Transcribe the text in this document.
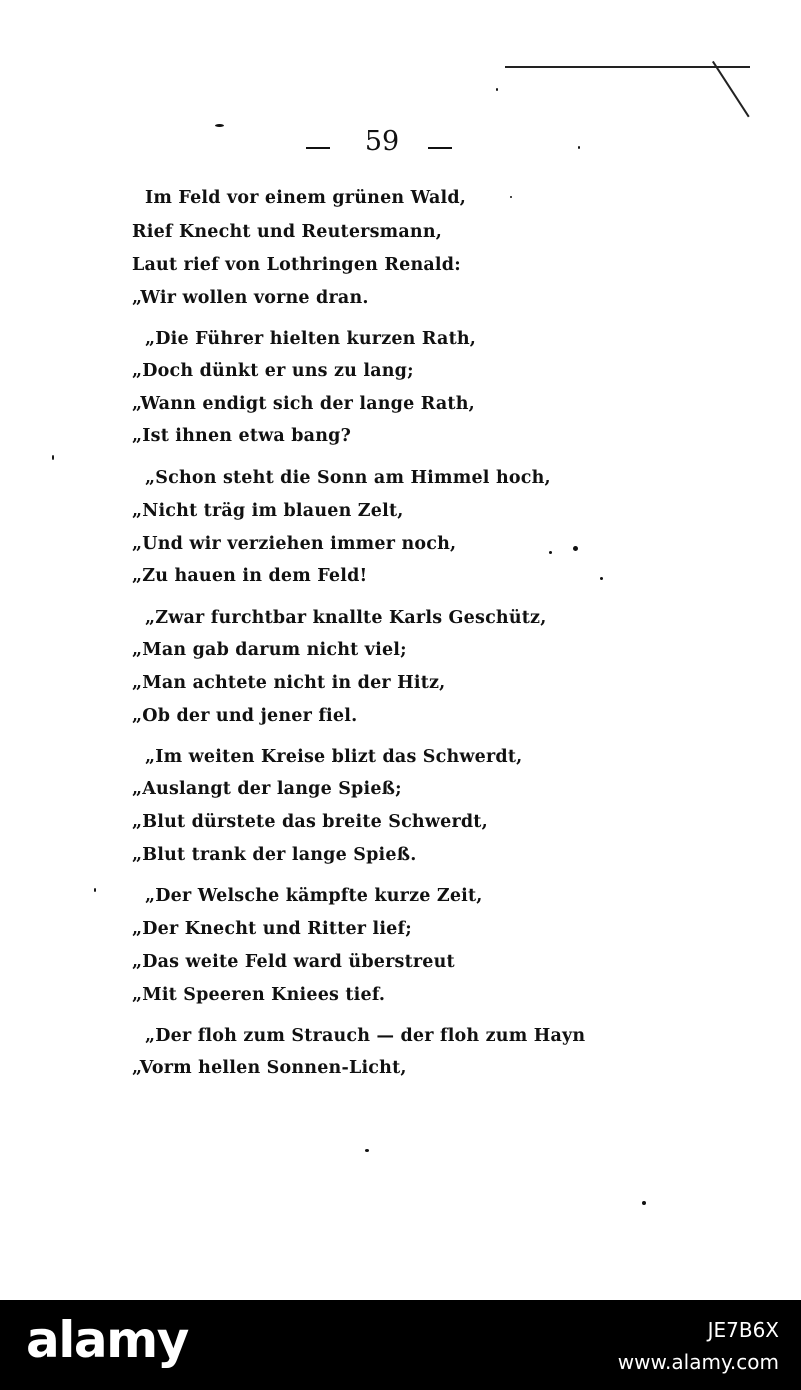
59
Im Feld vor einem grünen Wald,
Rief Knecht und Reutersmann,
Laut rief von Lothringen Renald:
„Wir wollen vorne dran.
„Die Führer hielten kurzen Rath,
„Doch dünkt er uns zu lang;
„Wann endigt sich der lange Rath,
„Ist ihnen etwa bang?
„Schon steht die Sonn am Himmel hoch,
„Nicht träg im blauen Zelt,
„Und wir verziehen immer noch,
„Zu hauen in dem Feld!
„Zwar furchtbar knallte Karls Geschütz,
„Man gab darum nicht viel;
„Man achtete nicht in der Hitz,
„Ob der und jener fiel.
„Im weiten Kreise blizt das Schwerdt,
„Auslangt der lange Spieß;
„Blut dürstete das breite Schwerdt,
„Blut trank der lange Spieß.
„Der Welsche kämpfte kurze Zeit,
„Der Knecht und Ritter lief;
„Das weite Feld ward überstreut
„Mit Speeren Kniees tief.
„Der floh zum Strauch — der floh zum Hayn
„Vorm hellen Sonnen-Licht,
alamy	JE7B6X
www.alamy.com
